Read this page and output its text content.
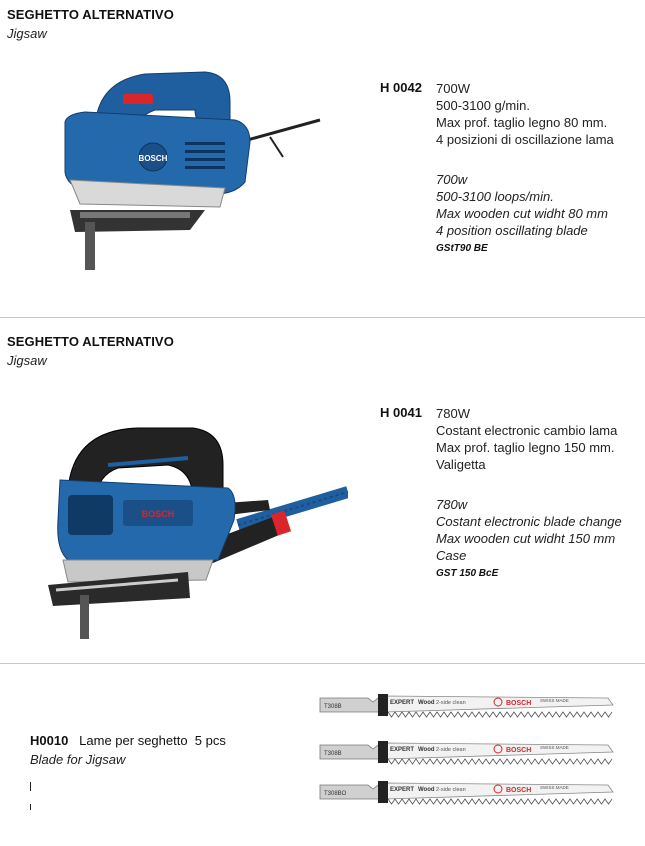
SEGHETTO ALTERNATIVO
Jigsaw
BOSCH
H 0042 700W
500-3100 g/min.
Max prof. taglio legno 80 mm.
4 posizioni di oscillazione lama
700w
500-3100 loops/min.
Max wooden cut widht 80 mm
4 position oscillating blade
GStT90 BE
SEGHETTO ALTERNATIVO
Jigsaw
BOSCH
H 0041 780W
Costant electronic cambio lama
Max prof. taglio legno 150 mm.
Valigetta
780w
Costant electronic blade change
Max wooden cut widht 150 mm
Case
GST 150 BcE
H0010 Lame per seghetto 5 pcs
Blade for Jigsaw
T308B
EXPERT Wood 2-side clean	BOSCH SWISS MADE
T308B
EXPERT Wood 2-side clean	BOSCH SWISS MADE
T308BO
EXPERT Wood 2-side clean	BOSCH SWISS MADE
